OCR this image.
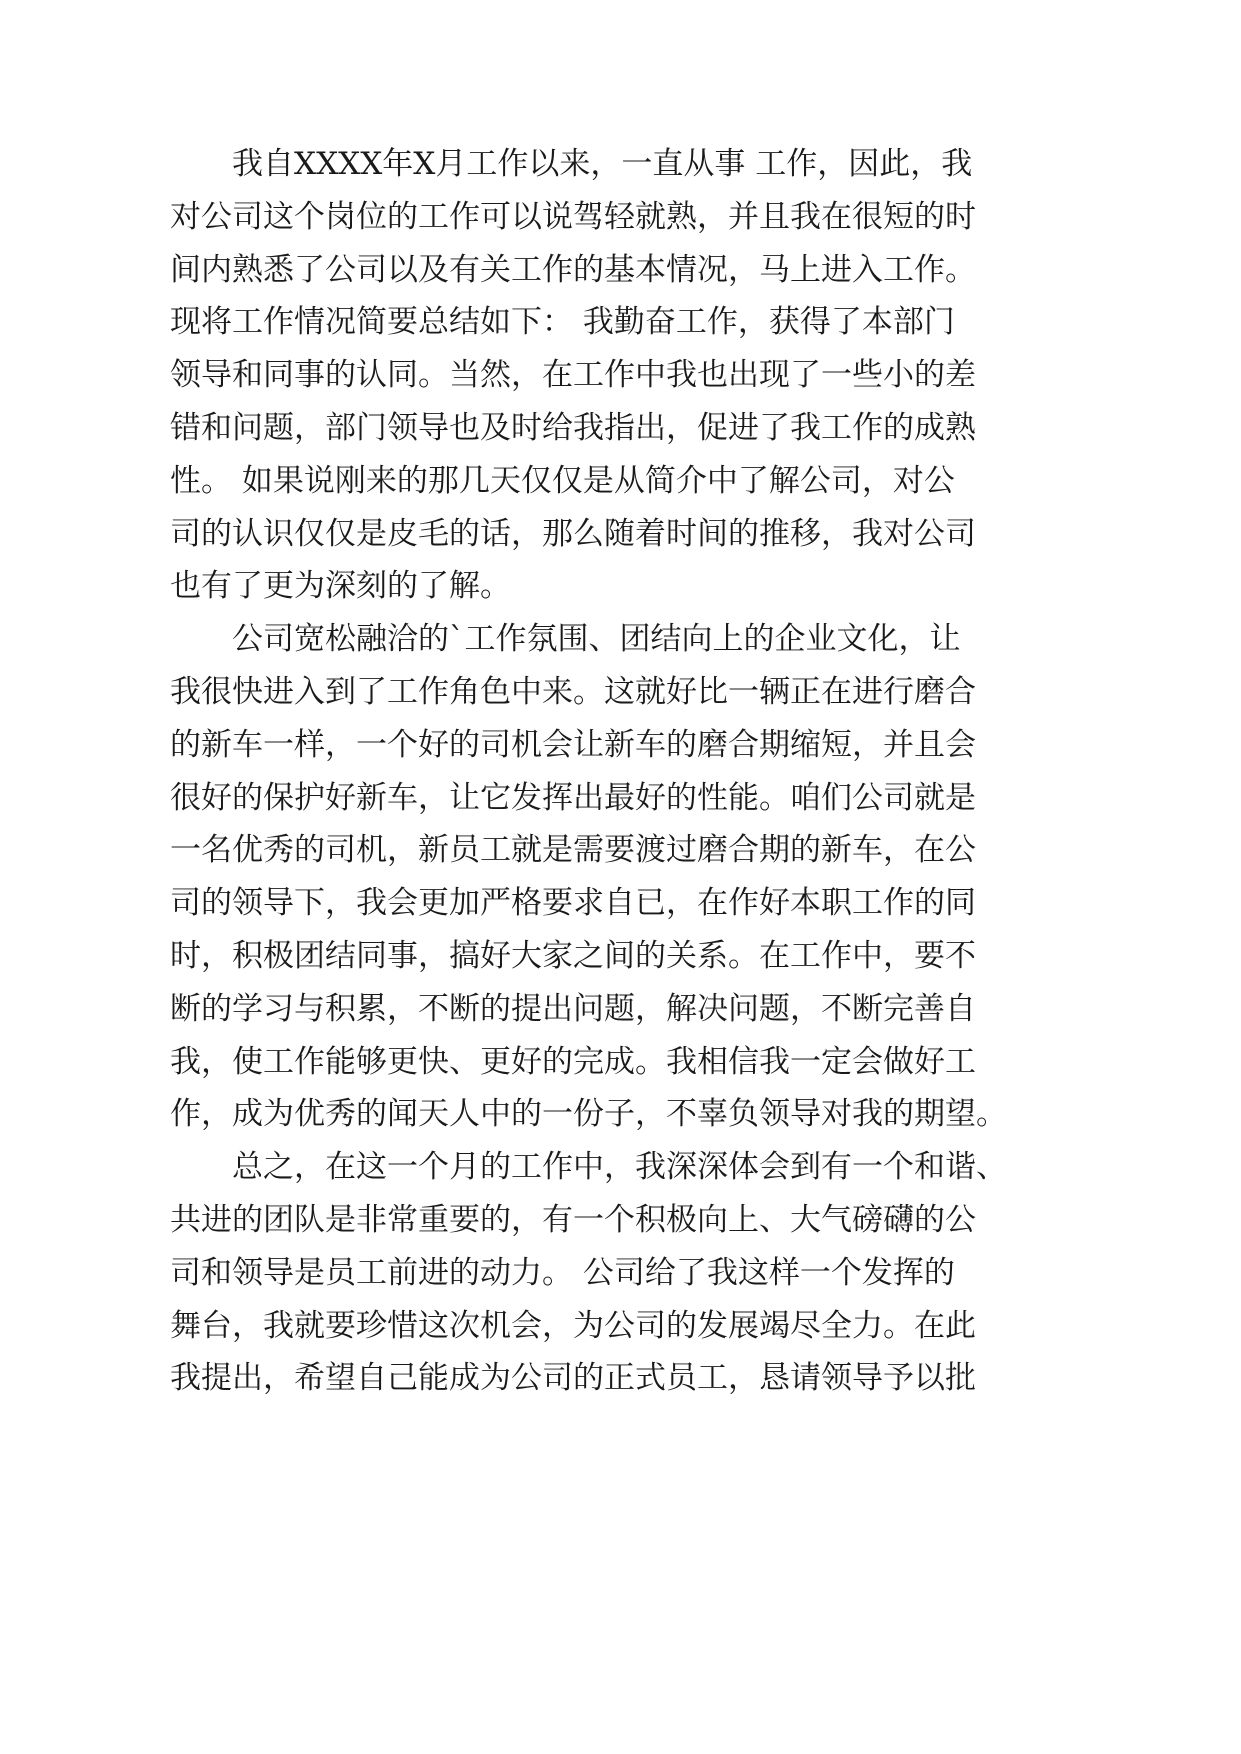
我自XXXX年X月工作以来，一直从事 工作，因此，我
对公司这个岗位的工作可以说驾轻就熟，并且我在很短的时
间内熟悉了公司以及有关工作的基本情况，马上进入工作。
现将工作情况简要总结如下： 我勤奋工作，获得了本部门
领导和同事的认同。当然，在工作中我也出现了一些小的差
错和问题，部门领导也及时给我指出，促进了我工作的成熟
性。 如果说刚来的那几天仅仅是从简介中了解公司，对公
司的认识仅仅是皮毛的话，那么随着时间的推移，我对公司
也有了更为深刻的了解。
公司宽松融洽的`工作氛围、团结向上的企业文化，让
我很快进入到了工作角色中来。这就好比一辆正在进行磨合
的新车一样，一个好的司机会让新车的磨合期缩短，并且会
很好的保护好新车，让它发挥出最好的性能。咱们公司就是
一名优秀的司机，新员工就是需要渡过磨合期的新车，在公
司的领导下，我会更加严格要求自已，在作好本职工作的同
时，积极团结同事，搞好大家之间的关系。在工作中，要不
断的学习与积累，不断的提出问题，解决问题，不断完善自
我，使工作能够更快、更好的完成。我相信我一定会做好工
作，成为优秀的闻天人中的一份子，不辜负领导对我的期望。
总之，在这一个月的工作中，我深深体会到有一个和谐、
共进的团队是非常重要的，有一个积极向上、大气磅礴的公
司和领导是员工前进的动力。 公司给了我这样一个发挥的
舞台，我就要珍惜这次机会，为公司的发展竭尽全力。在此
我提出，希望自己能成为公司的正式员工，恳请领导予以批
